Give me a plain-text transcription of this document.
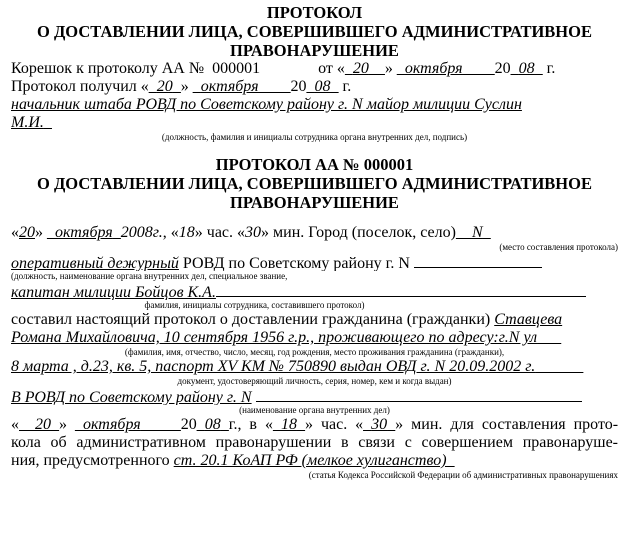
ПРОТОКОЛ

О ДОСТАВЛЕНИИ ЛИЦА, СОВЕРШИВШЕГО АДМИНИСТРАТИВНОЕ

ПРАВОНАРУШЕНИЕ

Корешок к протоколу АА № 000001	от « 20__» _октября____20_08_ г.
Протокол получил «_20_» _октября____20_08_ г.
начальник штаба РОВД по Советскому району г. N майор милиции Суслин
М.И._
(должность, фамилия и инициалы сотрудника органа внутренних дел, подпись)

ПРОТОКОЛ АА № 000001

О ДОСТАВЛЕНИИ ЛИЦА, СОВЕРШИВШЕГО АДМИНИСТРАТИВНОЕ

ПРАВОНАРУШЕНИЕ

«20» _октября_2008г., «18» час. «30» мин. Город (поселок, село)__N_
(место составления протокола)
оперативный дежурный РОВД по Советскому району г. N
(должность, наименование органа внутренних дел, специальное звание,
капитан милиции Бойцов К.А.
фамилия, инициалы сотрудника, составившего протокол)
составил настоящий протокол о доставлении гражданина (гражданки) Ставцева
Романа Михайловича, 10 сентября 1956 г.р., проживающего по адресу:г.N ул___
(фамилия, имя, отчество, число, месяц, год рождения, место проживания гражданина (гражданки),
8 марта , д.23, кв. 5, паспорт XV КМ № 750890 выдан ОВД г. N 20.09.2002 г.______
документ, удостоверяющий личность, серия, номер, кем и когда выдан)
В РОВД по Советскому району г. N
(наименование органа внутренних дел)
« _20_» _октября_____20_08_г., в «_18_» час. «_30_» мин. для составления прото-
кола об административном правонарушении в связи с совершением правонаруше-
ния, предусмотренного ст. 20.1 КоАП РФ (мелкое хулиганство)_
(статья Кодекса Российской Федерации об административных правонарушениях
